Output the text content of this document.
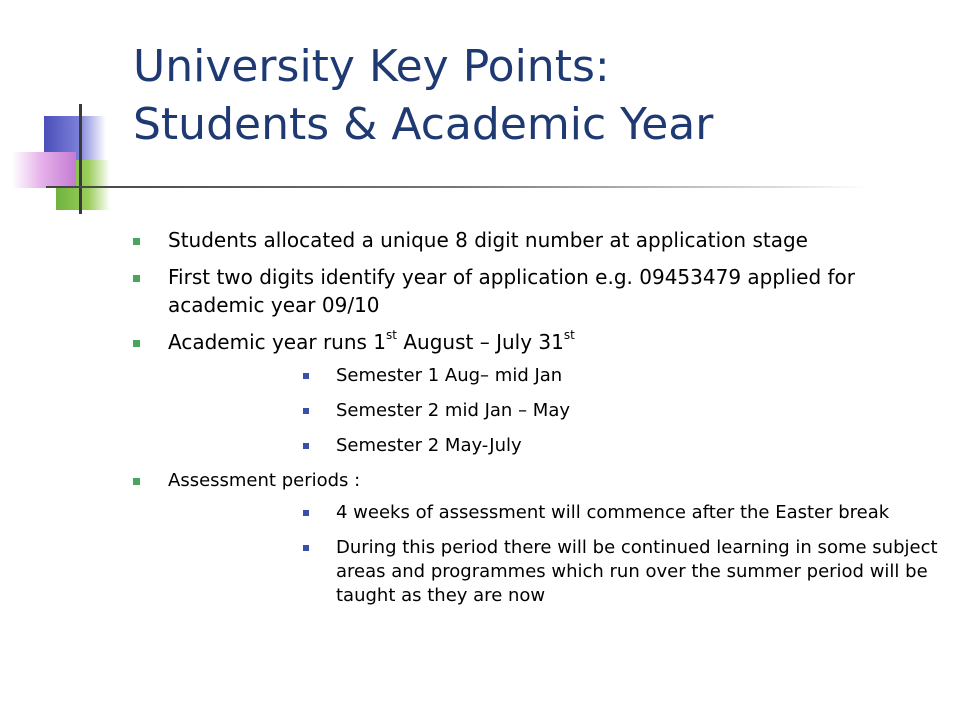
University Key Points:
Students & Academic Year
Students allocated a unique 8 digit number at application stage
First two digits identify year of application e.g. 09453479 applied for academic year 09/10
Academic year runs 1st August – July 31st
Semester 1 Aug– mid Jan
Semester 2 mid Jan – May
Semester 2 May-July
Assessment periods :
4 weeks of assessment will commence after the Easter break
During this period there will be continued learning in some subject areas and programmes which run over the summer period will be taught as they are now
